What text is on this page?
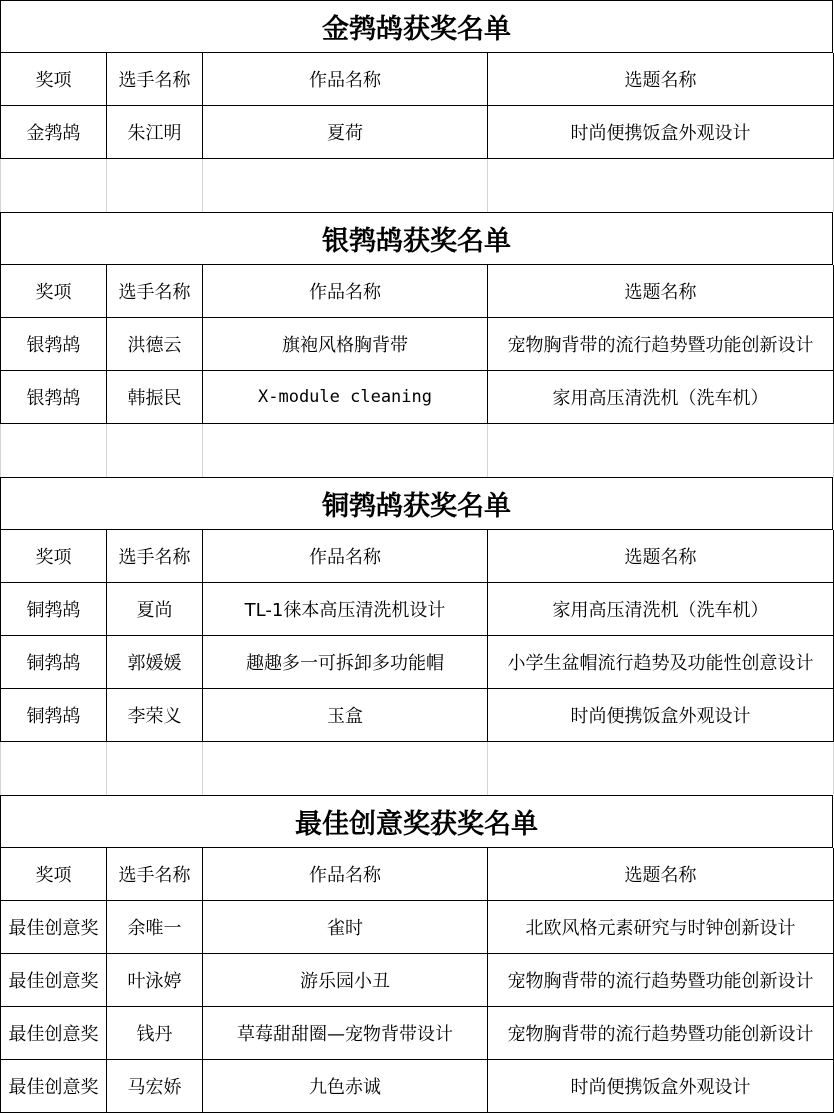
金鹁鸪获奖名单
奖项	选手名称	作品名称	选题名称
金鹁鸪	朱江明	夏荷	时尚便携饭盒外观设计
银鹁鸪获奖名单
奖项	选手名称	作品名称	选题名称
银鹁鸪	洪德云	旗袍风格胸背带	宠物胸背带的流行趋势暨功能创新设计
银鹁鸪	韩振民	X-module cleaning	家用高压清洗机（洗车机）
铜鹁鸪获奖名单
奖项	选手名称	作品名称	选题名称
铜鹁鸪	夏尚	TL-1徕本高压清洗机设计	家用高压清洗机（洗车机）
铜鹁鸪	郭媛媛	趣趣多一可拆卸多功能帽	小学生盆帽流行趋势及功能性创意设计
铜鹁鸪	李荣义	玉盒	时尚便携饭盒外观设计
最佳创意奖获奖名单
奖项	选手名称	作品名称	选题名称
最佳创意奖	余唯一	雀时	北欧风格元素研究与时钟创新设计
最佳创意奖	叶泳婷	游乐园小丑	宠物胸背带的流行趋势暨功能创新设计
最佳创意奖	钱丹	草莓甜甜圈—宠物背带设计	宠物胸背带的流行趋势暨功能创新设计
最佳创意奖	马宏娇	九色赤诚	时尚便携饭盒外观设计
